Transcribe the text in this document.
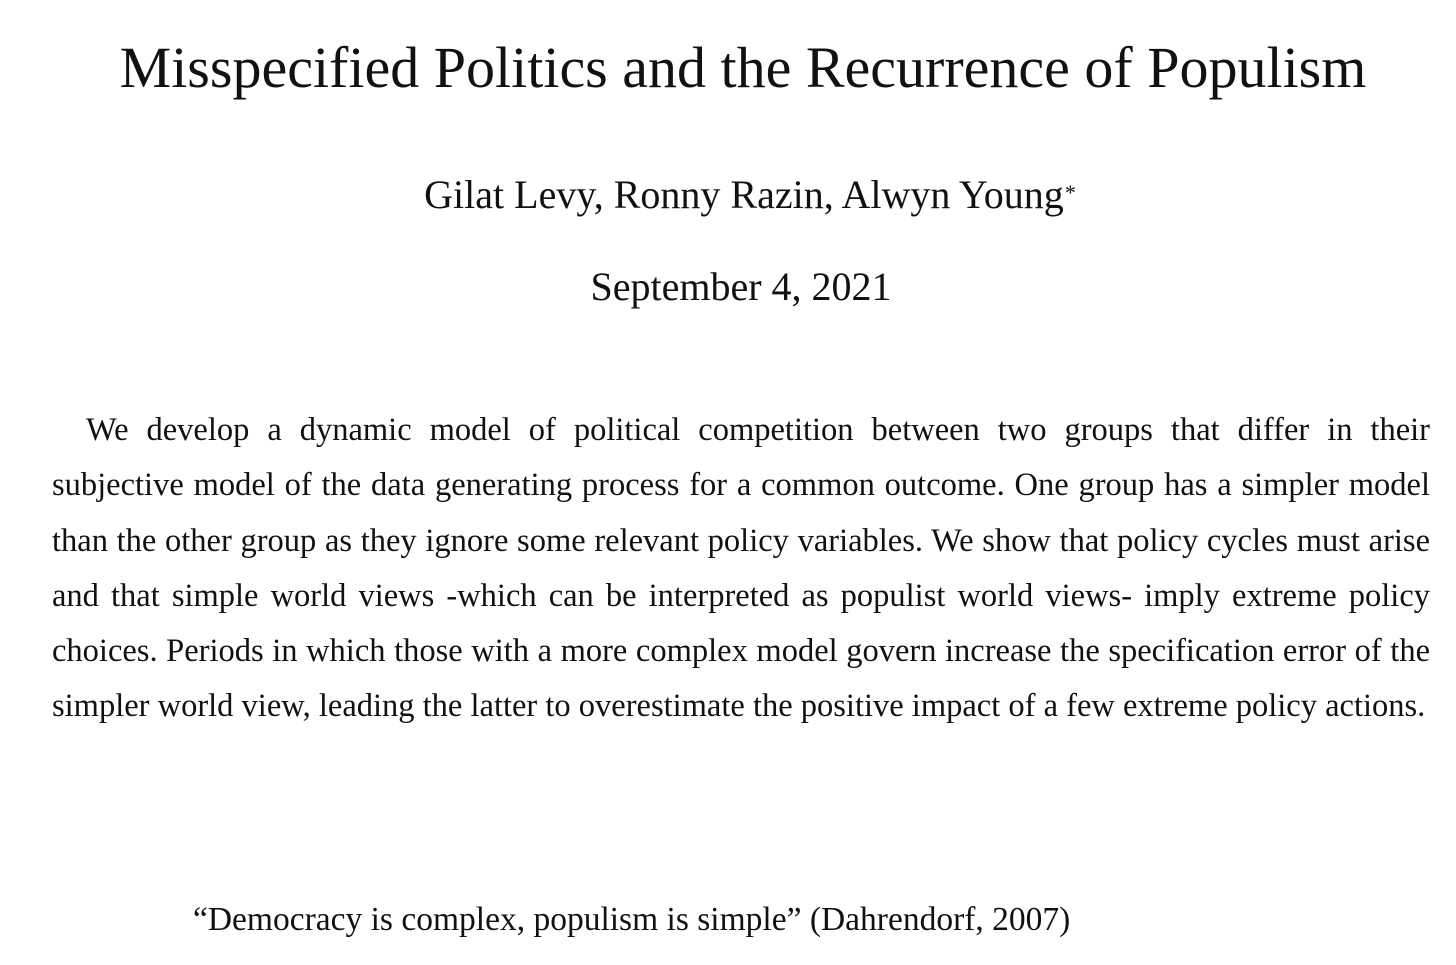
Misspecified Politics and the Recurrence of Populism
Gilat Levy, Ronny Razin, Alwyn Young*
September 4, 2021

We develop a dynamic model of political competition between two groups that differ in their subjective model of the data generating process for a common outcome. One group has a simpler model than the other group as they ignore some relevant policy variables. We show that policy cycles must arise and that simple world views -which can be interpreted as populist world views- imply extreme policy choices. Periods in which those with a more complex model govern increase the specification error of the simpler world view, leading the latter to overestimate the positive impact of a few extreme policy actions.

“Democracy is complex, populism is simple” (Dahrendorf, 2007)
